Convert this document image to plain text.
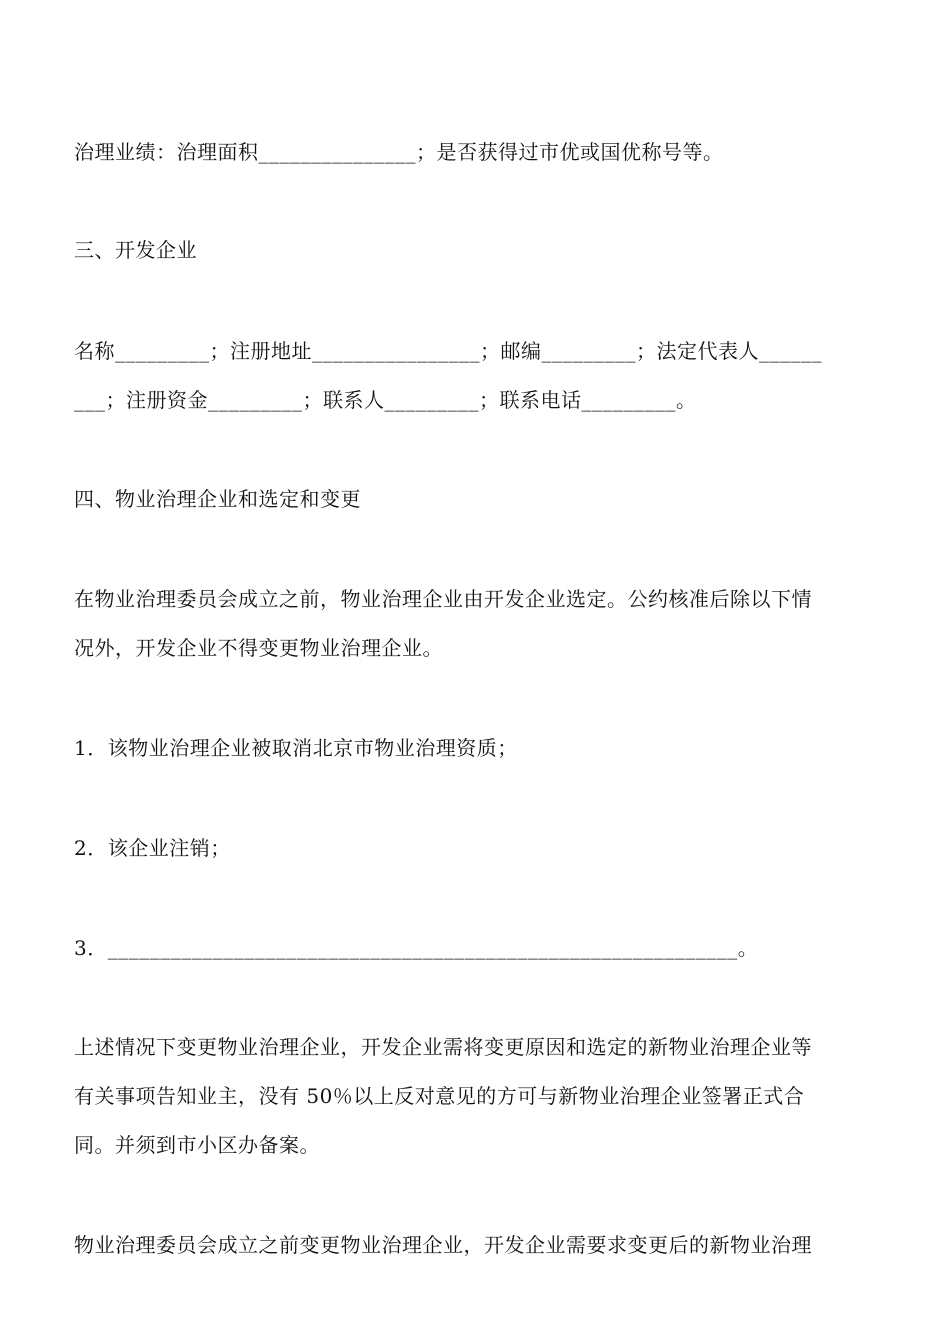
治理业绩：治理面积_______________；是否获得过市优或国优称号等。
三、开发企业
名称_________；注册地址________________；邮编_________；法定代表人______
___；注册资金_________；联系人_________；联系电话_________。
四、物业治理企业和选定和变更
在物业治理委员会成立之前，物业治理企业由开发企业选定。公约核准后除以下情
况外，开发企业不得变更物业治理企业。
1．该物业治理企业被取消北京市物业治理资质；
2．该企业注销；
3．____________________________________________________________。
上述情况下变更物业治理企业，开发企业需将变更原因和选定的新物业治理企业等
有关事项告知业主，没有 50％以上反对意见的方可与新物业治理企业签署正式合
同。并须到市小区办备案。
物业治理委员会成立之前变更物业治理企业，开发企业需要求变更后的新物业治理
